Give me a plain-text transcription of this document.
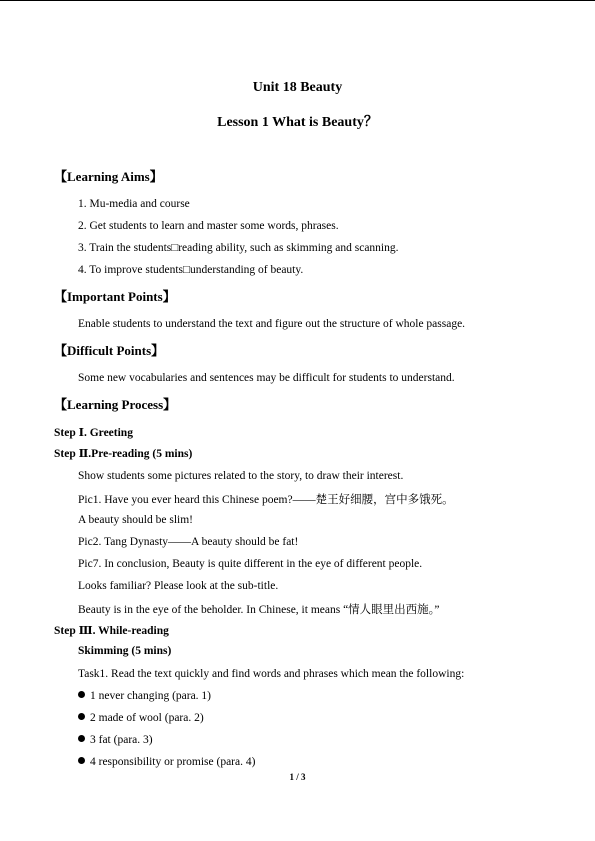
Unit 18 Beauty
Lesson 1 What is Beauty？
【Learning Aims】
1. Mu-media and course
2. Get students to learn and master some words, phrases.
3. Train the students□reading ability, such as skimming and scanning.
4. To improve students□understanding of beauty.
【Important Points】
Enable students to understand the text and figure out the structure of whole passage.
【Difficult Points】
Some new vocabularies and sentences may be difficult for students to understand.
【Learning Process】
Step Ⅰ. Greeting
Step Ⅱ.Pre-reading (5 mins)
Show students some pictures related to the story, to draw their interest.
Pic1. Have you ever heard this Chinese poem?——楚王好细腰，宫中多饿死。
A beauty should be slim!
Pic2. Tang Dynasty——A beauty should be fat!
Pic7. In conclusion, Beauty is quite different in the eye of different people.
Looks familiar? Please look at the sub-title.
Beauty is in the eye of the beholder. In Chinese, it means “情人眼里出西施。”
Step Ⅲ. While-reading
Skimming (5 mins)
Task1. Read the text quickly and find words and phrases which mean the following:
1 never changing (para. 1)
2 made of wool (para. 2)
3 fat (para. 3)
4 responsibility or promise (para. 4)
1 / 3
